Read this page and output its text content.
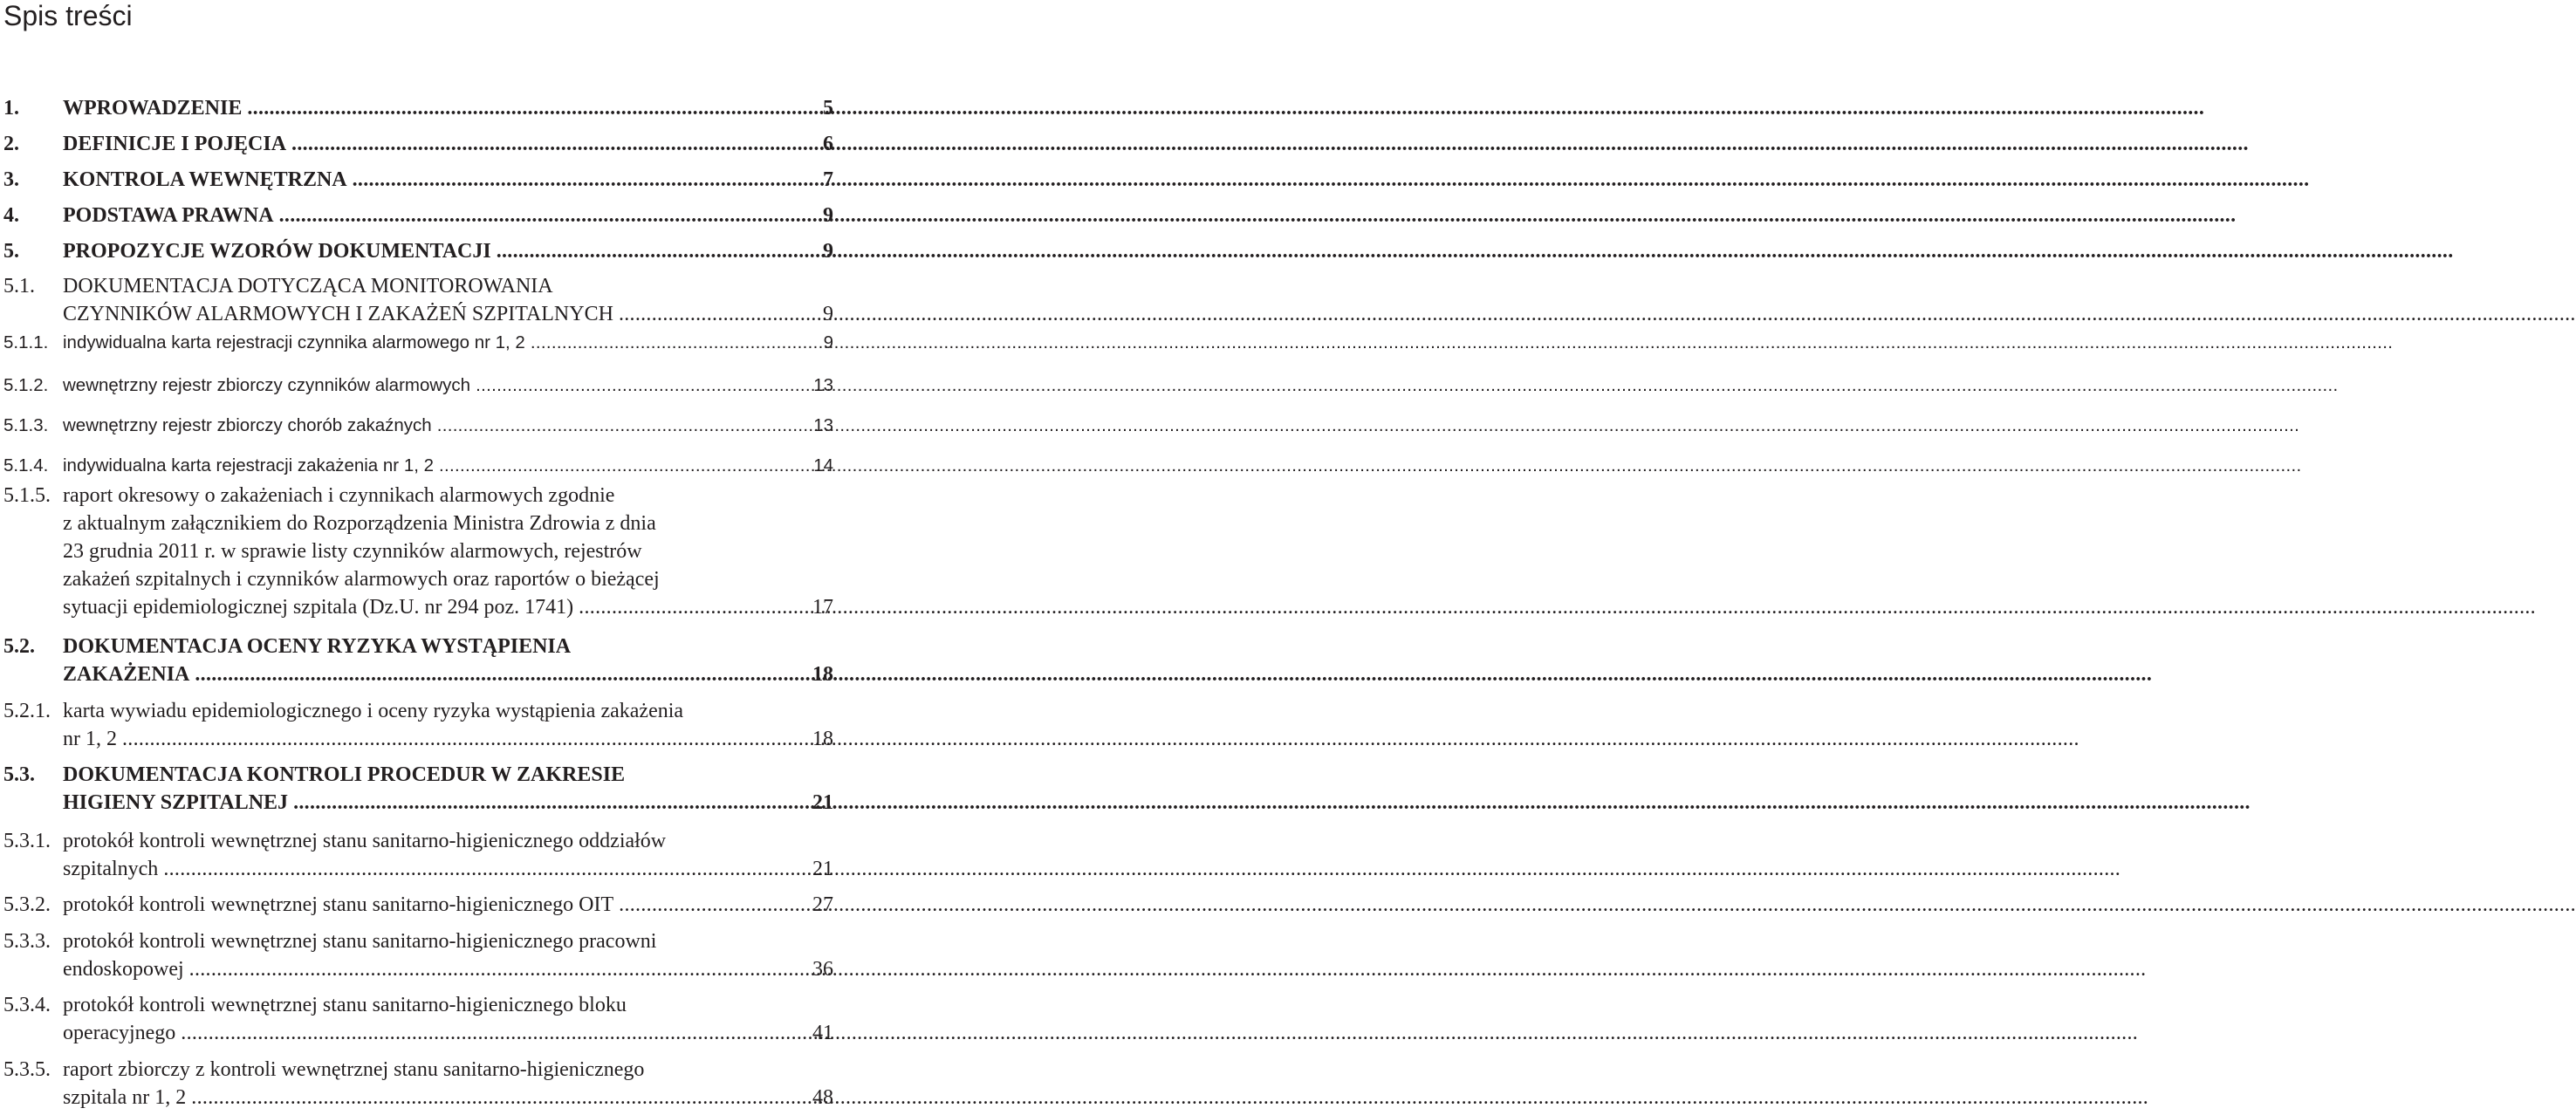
Spis treści
1.	WPROWADZENIE .....	5
2.	DEFINICJE I POJĘCIA .....	6
3.	KONTROLA WEWNĘTRZNA .....	7
4.	PODSTAWA PRAWNA .....	9
5.	PROPOZYCJE WZORÓW DOKUMENTACJI .....	9
5.1.	DOKUMENTACJA DOTYCZĄCA MONITOROWANIA
CZYNNIKÓW ALARMOWYCH I ZAKAŻEŃ SZPITALNYCH .....	9
5.1.1. indywidualna karta rejestracji czynnika alarmowego nr 1, 2 .....	9
5.1.2. wewnętrzny rejestr zbiorczy czynników alarmowych .....	13
5.1.3. wewnętrzny rejestr zbiorczy chorób zakaźnych .....	13
5.1.4. indywidualna karta rejestracji zakażenia nr 1, 2 .....	14
5.1.5. raport okresowy o zakażeniach i czynnikach alarmowych zgodnie
z aktualnym załącznikiem do Rozporządzenia Ministra Zdrowia z dnia
23 grudnia 2011 r. w sprawie listy czynników alarmowych, rejestrów
zakażeń szpitalnych i czynników alarmowych oraz raportów o bieżącej
sytuacji epidemiologicznej szpitala (Dz.U. nr 294 poz. 1741) .....	17
5.2.	DOKUMENTACJA OCENY RYZYKA WYSTĄPIENIA
ZAKAŻENIA .....	18
5.2.1. karta wywiadu epidemiologicznego i oceny ryzyka wystąpienia zakażenia
nr 1, 2 .....	18
5.3.	DOKUMENTACJA KONTROLI PROCEDUR W ZAKRESIE
HIGIENY SZPITALNEJ .....	21
5.3.1. protokół kontroli wewnętrznej stanu sanitarno-higienicznego oddziałów
szpitalnych .....	21
5.3.2. protokół kontroli wewnętrznej stanu sanitarno-higienicznego OIT .....	27
5.3.3. protokół kontroli wewnętrznej stanu sanitarno-higienicznego pracowni
endoskopowej .....	36
5.3.4. protokół kontroli wewnętrznej stanu sanitarno-higienicznego bloku
operacyjnego .....	41
5.3.5. raport zbiorczy z kontroli wewnętrznej stanu sanitarno-higienicznego
szpitala nr 1, 2 .....	48
